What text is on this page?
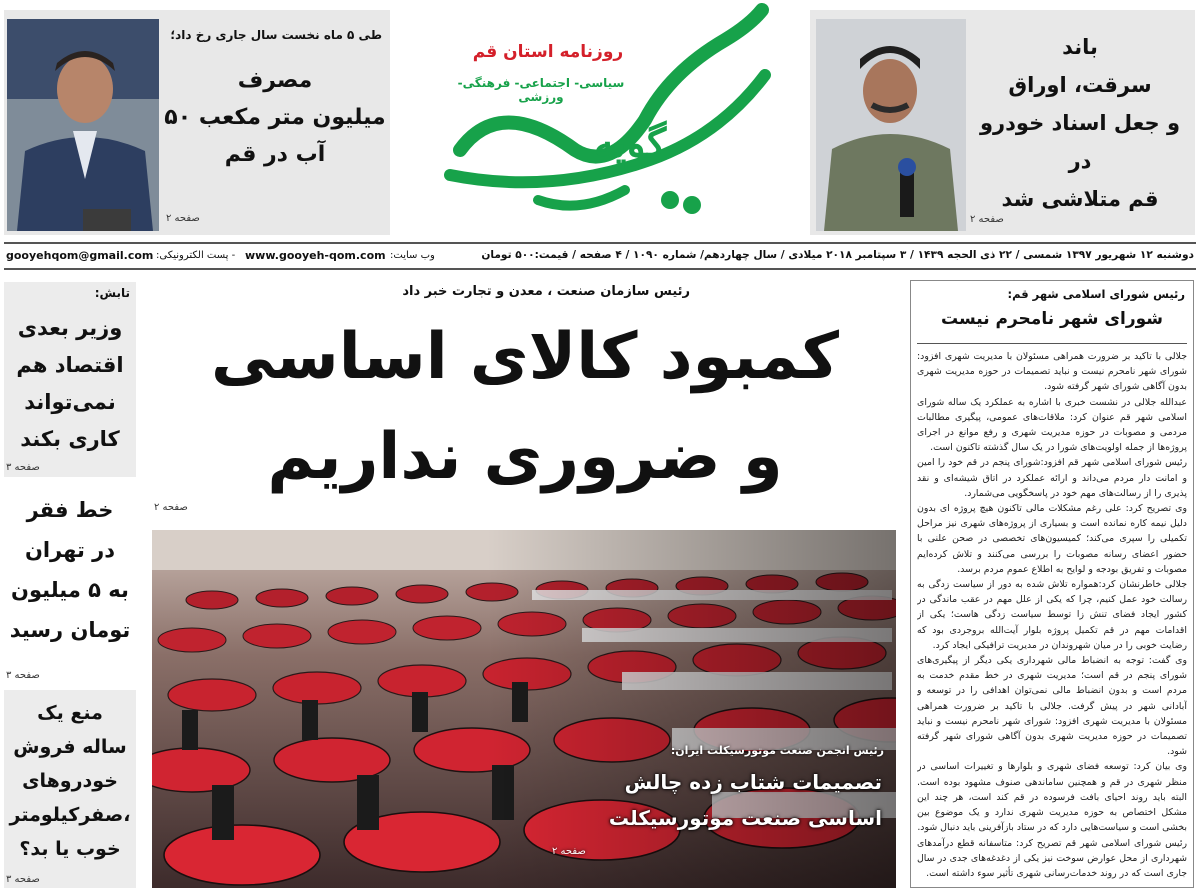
طی ۵ ماه نخست سال جاری رخ داد؛
مصرف
۵۰ میلیون متر مکعب
آب در قم
صفحه ۲
گویه
روزنامه استان قم
سیاسی- اجتماعی- فرهنگی- ورزشی
باند
سرقت، اوراق
و جعل اسناد خودرو در
قم متلاشی شد
صفحه ۲
gooyehqom@gmail.com - پست الکترونیکی: www.gooyeh-qom.com وب سایت:	دوشنبه ۱۲ شهریور ۱۳۹۷ شمسی / ۲۲ ذی الحجه ۱۴۳۹ / ۳ سپتامبر ۲۰۱۸ میلادی / سال چهاردهم/ شماره ۱۰۹۰ / ۴ صفحه / قیمت:۵۰۰ تومان
تابش:
وزیر بعدی
اقتصاد هم
نمی‌تواند
کاری بکند
صفحه ۳
خط فقر
در تهران
به ۵ میلیون
تومان رسید
صفحه ۳
منع یک
ساله فروش
خودروهای
صفرکیلومتر،
خوب یا بد؟
صفحه ۳
رئیس سازمان صنعت ، معدن و تجارت خبر داد
کمبود کالای اساسی
و ضروری نداریم
صفحه ۲
رئیس انجمن صنعت موتورسیکلت ایران:
تصمیمات شتاب زده چالش
اساسی صنعت موتورسیکلت
صفحه ۲
رئیس شورای اسلامی شهر قم:
شورای شهر نامحرم نیست
جلالی با تاکید بر ضرورت همراهی مسئولان با مدیریت شهری افزود: شورای شهر نامحرم نیست و نباید تصمیمات در حوزه مدیریت شهری بدون آگاهی شورای شهر گرفته شود.
عبدالله جلالی در نشست خبری با اشاره به عملکرد یک ساله شورای اسلامی شهر قم عنوان کرد: ملاقات‌های عمومی، پیگیری مطالبات مردمی و مصوبات در حوزه مدیریت شهری و رفع موانع در اجرای پروژه‌ها از جمله اولویت‌های شورا در یک سال گذشته تاکنون است.
رئیس شورای اسلامی شهر قم افزود:شورای پنجم در قم خود را امین و امانت دار مردم می‌داند و ارائه عملکرد در اتاق شیشه‌ای و نقد پذیری را از رسالت‌های مهم خود در پاسخگویی می‌شمارد.
وی تصریح کرد: علی رغم مشکلات مالی تاکنون هیچ پروژه ای بدون دلیل نیمه کاره نمانده است و بسیاری از پروژه‌های شهری نیز مراحل تکمیلی را سپری می‌کند؛ کمیسیون‌های تخصصی در صحن علنی با حضور اعضای رسانه مصوبات را بررسی می‌کنند و تلاش کرده‌ایم مصوبات و تفریق بودجه و لوایح به اطلاع عموم مردم برسد.
جلالی خاطرنشان کرد:همواره تلاش شده به دور از سیاست زدگی به رسالت خود عمل کنیم، چرا که یکی از علل مهم در عقب ماندگی در کشور ایجاد فضای تنش زا توسط سیاست زدگی هاست؛ یکی از اقدامات مهم در قم تکمیل پروژه بلوار آیت‌الله بروجردی بود که رضایت خوبی را در میان شهروندان در مدیریت ترافیکی ایجاد کرد.
وی گفت: توجه به انضباط مالی شهرداری یکی دیگر از پیگیری‌های شورای پنجم در قم است؛ مدیریت شهری در خط مقدم خدمت به مردم است و بدون انضباط مالی نمی‌توان اهدافی را در توسعه و آبادانی شهر در پیش گرفت. جلالی با تاکید بر ضرورت همراهی مسئولان با مدیریت شهری افزود: شورای شهر نامحرم نیست و نباید تصمیمات در حوزه مدیریت شهری بدون آگاهی شورای شهر گرفته شود.
وی بیان کرد: توسعه فضای شهری و بلوارها و تغییرات اساسی در منظر شهری در قم و همچنین ساماندهی صنوف مشهود بوده است. البته باید روند احیای بافت فرسوده در قم کند است، هر چند این مشکل اختصاص به حوزه مدیریت شهری ندارد و یک موضوع بین بخشی است و سیاست‌هایی دارد که در ستاد بازآفرینی باید دنبال شود.
رئیس شورای اسلامی شهر قم تصریح کرد: متاسفانه قطع درآمدهای شهرداری از محل عوارض سوخت نیز یکی از دغدغه‌های جدی در سال جاری است که در روند خدمات‌رسانی شهری تأثیر سوء داشته است.
